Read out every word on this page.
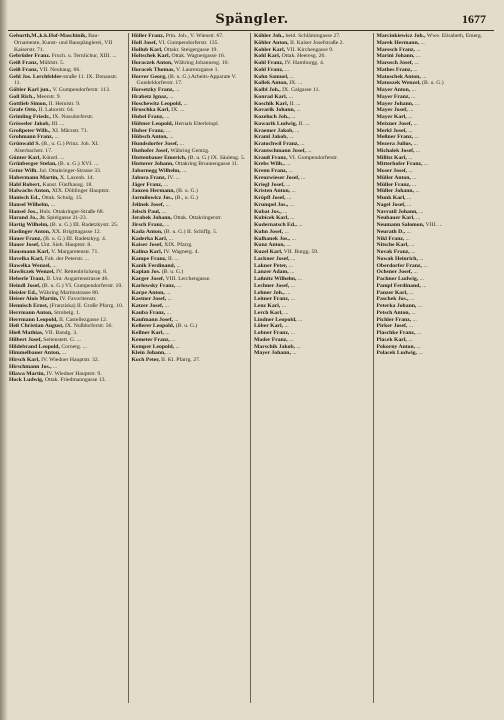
Spängler.	1677

Geburth,M.,k.k.Hof-Maschinik, Bau-Ornamente, Kunst- und Bauspänglerei, VII Kaiserstr. 71.

Gebrüder Franz. Fruch. u. Ternlichur, XIII. ...

Geiß Franz, Mühlstr. 5.

Geiß Franz, VII. Neubaug. 66.

Gehl Jos. Lerchfelder-straße 11. IX. Donaustr. 11.

Göbler Karl jun., V. Gumpendorferstr. 113.

Goll Rich., Meerstr. 9.

Gottlieb Simon, II. Heinistr. 9.

Grafe Otto, II. Laborstr. 64.

Grimling Friedr., IX. Nussdorferstr.

Grösseler Jakob, III. ...

Großpeter Wilh., XI. Märzstr. 71.

Grohmann Franz, ...

Grünwald S. (B., u. G.) Prinz. Joh. XI. Alserbachstr. 17.

Günter Karl, Künstl. ...

Grünberger Stefan, (B. u. G.) XVI. ...

Gstur Wilh. Jul. Ottakringer-Strasse 33.

Habermann Martin, X. Laxenb. 14.

Habl Robert, Kunst. Fünfhausg. 18.

Halwachs Anton, XIX. Döblinger Hauptstr.

Hanisch Ed., Ottak. Schulg. 15.

Hansel Wilhelm, ...

Hansel Jos., Huls. Ottakringer-Straße 68.

Harand Jo., Jr. Spielgasse 21-23.

Hartig Wilhelm, (B. u. G.) III. Radetzkystr. 25.

Haslinger Anton, XX. Brigittagasse 12.

Hauer Franz, (B. u. G.) III. Radetzkyg. 4.

Hauer Josef, Unt. Sieb. Hauptstr. 8.

Hausmann Karl, V. Margaretenstr. 71.

Havelka Karl, Fab. der Peterstr. ...

Hawelka Wenzel, ...

Hawliczek Wenzel, IV. Rettenbrückeng. 8.

Heberle Traut, II. Unt. Augartenstrasse 46.

Heindl Josef, (B. u. G.) VI. Gumpendorferstr. 10.

Heisler Ed., Währing Martinstrasse 80.

Heiser Alois Martin, IV. Favoritenstr.

Hennisch Ernst, (Franziska) II. Große Pfarrg. 10.

Herrmann Anton, Strobelg. 1.

Herrmann Leopold, II. Castellezgasse 12.

Heß Christian August, IX. Nußdorferstr. 56.

Hieß Mathias, VII. Bandg. 3.

Hilbert Josef, Seitenstett. G. ...

Hildebrand Leopold, Cornerg. ...

Himmelbauer Anton, ...

Hirsch Karl, IV. Wiedner Hauptstr. 32.

Hirschmann Jos., ...

Hlawa Martin, IV. Wiedner Hauptstr. 9.

Hock Ludwig, Ottak. Friedmanngasse 13.

Höller Franz, Prin. Joh., V. Wienstr. 67.

Holl Josef, VI. Gumpendorferstr. 135.

Hollub Karl, Ottakr. Steigergasse 19.

Holtschek Karl, Ottak. Wagnergasse 16.

Horaczek Anton, Währing Johannesg. 10.

Horacek Thomas, V. Laurenzgasse 1.

Horrer Georg, (B. u. G.) Arbeits-Apparate V. Gundeldorferstr. 17.

Horsetzky Franz, ...

Hrabetz Ignaz, ...

Hoschewitz Leopold, ...

Hruschka Karl, IX. ...

Hubel Franz, ...

Hübner Leopold, Hernals Elterleinpl.

Huber Franz, ...

Hübsch Anton, ...

Hundsdorfer Josef, ...

Huthofer Josef, Währing Gentzg.

Huttenbauer Emerich, (B. u. G.) IX. Säuleng. 5.

Hutterer Johann, Ottakring Brunnengasse 11.

Jabornegg Wilhelm, ...

Jabora Franz, IV. ...

Jäger Franz, ...

Janzen Hermann, (B. u. G.)

Jarmilowicz Jos., (B., u. G.)

Jelinek Josef, ...

Jelsch Paul, ...

Jerabek Johann, Ottak. Ottakringerstr.

Jirsch Franz, ...

Kada Anton, (B. u. G.) II. Schiffg. 5.

Kaderka Karl, ...

Kaiser Josef, XIX. Pfarrg.

Kalina Karl, IV. Wagnerg. 4.

Kampe Franz, II. ...

Kanik Ferdinand, ...

Kaplan Jos. (B. u. G.)

Karger Josef, VIII. Lerchengasse.

Karlowsky Franz, ...

Karpe Anton, ...

Kastner Josef, ...

Katzer Josef, ...

Kauba Franz, ...

Kaufmann Josef, ...

Kellerer Leopold, (B. u. G.)

Kellner Karl, ...

Kemeter Franz, ...

Kemper Leopold, ...

Klein Johann, ...

Koch Peter, II. Kl. Pfarrg. 27.

Köhler Joh., beid. Schlämmgasse 27.

Köhler Anton, II. Kaiser Josefstraße 2.

Kohler Karl, VII. Kirchengasse 9.

Kohl Karl, Ottak. Heeresg. 26.

Kohl Franz, IV. Hamburgg. 4.

Kohl Franz, ...

Kohn Samuel, ...

Kollek Anton, IX. ...

Kolbl Joh., IX. Galgasse 11.

Konrad Karl, ...

Koschik Karl, II. ...

Kovarik Johann, ...

Kozeluch Joh., ...

Kowarik Ludwig, II. ...

Kraemer Jakob, ...

Kraml Jakob, ...

Kratochwil Franz, ...

Krautschmann Josef, ...

Krauß Franz, VI. Gumpendorferstr.

Krebs Wilh., ...

Krenn Franz, ...

Kreuzwieser Josef, ...

Kriegl Josef, ...

Kristen Anton, ...

Kröpfl Josef, ...

Krumpel Jos., ...

Kubat Jos., ...

Kubicek Karl, ...

Kudernatsch Ed., ...

Kuhn Josef, ...

Kulhanek Jos., ...

Kunz Anton, ...

Kuzel Karl, VII. Burgg. 59.

Lackner Josef, ...

Lakner Peter, ...

Lanzer Adam, ...

Laßnitz Wilhelm, ...

Lechner Josef, ...

Lehner Joh., ...

Leitner Franz, ...

Lenz Karl, ...

Lerch Karl, ...

Lindner Leopold, ...

Löber Karl, ...

Lobner Franz, ...

Mader Franz, ...

Marschik Jakob, ...

Mayer Johann, ...

Marcinkiewicz Joh., Wwe. Elisabeth, Emerg.

Marek Hermann, ...

Maresch Franz, ...

Marini Johann, ...

Marosch Josef, ...

Mathes Franz, ...

Matoschek Anton, ...

Matuszek Wenzel, (B. u. G.)

Mayer Anton, ...

Mayer Franz, ...

Mayer Johann, ...

Mayer Josef, ...

Mayer Karl, ...

Meixner Josef, ...

Merkl Josef, ...

Meßner Franz, ...

Mezera Julius, ...

Michalek Josef, ...

Millitz Karl, ...

Mitterhofer Franz, ...

Moser Josef, ...

Müller Anton, ...

Müller Franz, ...

Müller Johann, ...

Munk Karl, ...

Nagel Josef, ...

Navratil Johann, ...

Neubauer Karl, ...

Neumann Salomon, VIII. ...

Neurath D., ...

Nikl Franz, ...

Nitsche Karl, ...

Novak Franz, ...

Nowak Heinrich, ...

Oberdorfer Franz, ...

Ochsner Josef, ...

Pachner Ludwig, ...

Pampl Ferdinand, ...

Panzer Karl, ...

Paschek Jos., ...

Peterka Johann, ...

Petsch Anton, ...

Pichler Franz, ...

Pirker Josef, ...

Plaschke Franz, ...

Placek Karl, ...

Pokorny Anton, ...

Polacek Ludwig, ...
